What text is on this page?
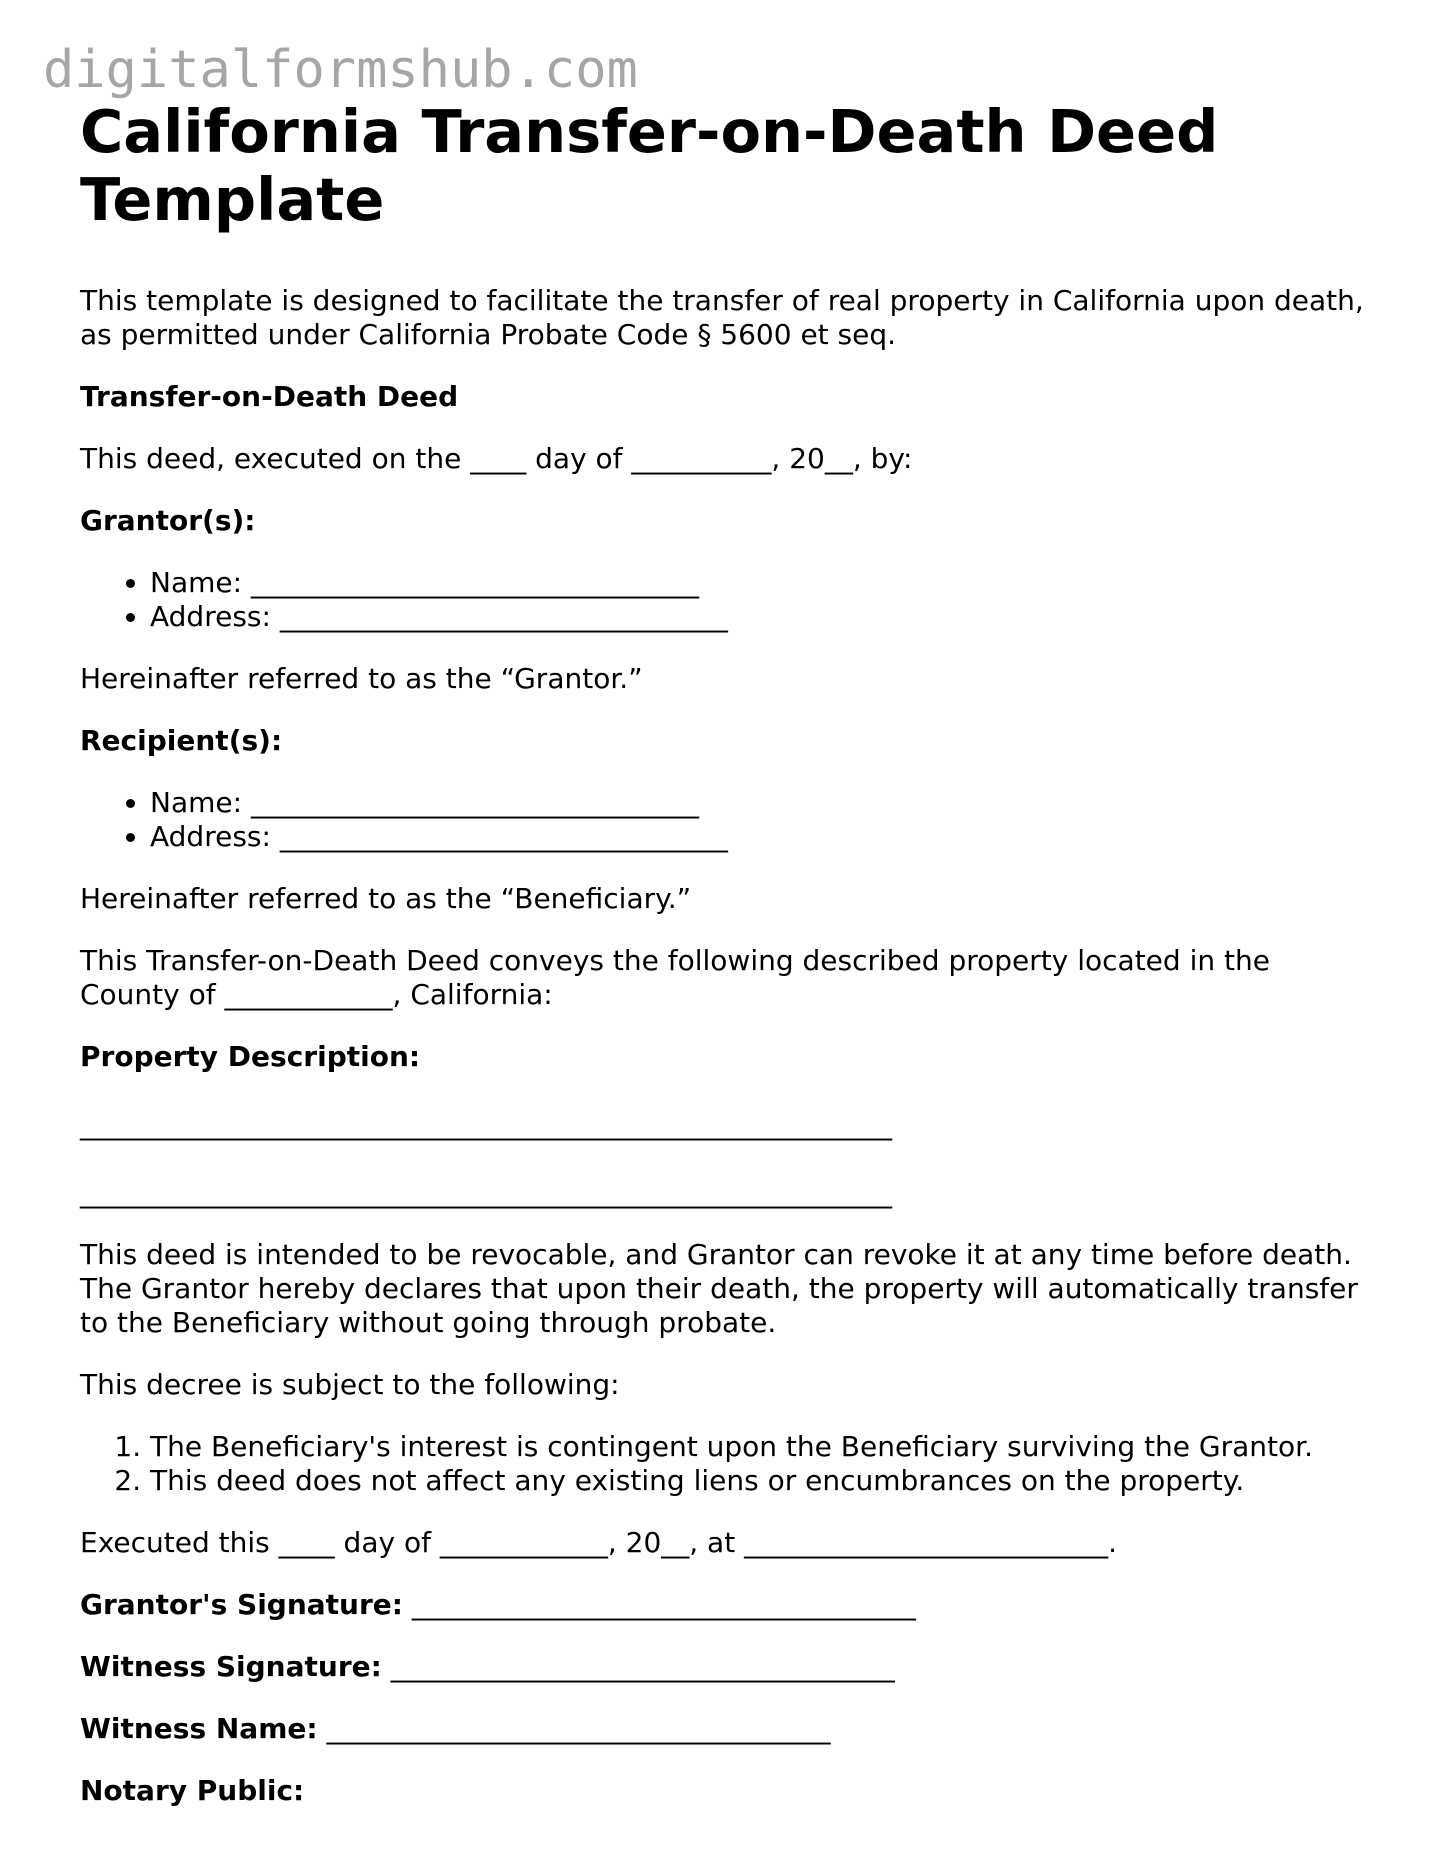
digitalformshub.com
California Transfer-on-Death Deed Template

This template is designed to facilitate the transfer of real property in California upon death, as permitted under California Probate Code § 5600 et seq.

Transfer-on-Death Deed

This deed, executed on the ____ day of __________, 20__, by:

Grantor(s):

• Name: ________________________________
• Address: ________________________________

Hereinafter referred to as the “Grantor.”

Recipient(s):

• Name: ________________________________
• Address: ________________________________

Hereinafter referred to as the “Beneficiary.”

This Transfer-on-Death Deed conveys the following described property located in the County of ____________, California:

Property Description:

__________________________________________________________
__________________________________________________________

This deed is intended to be revocable, and Grantor can revoke it at any time before death. The Grantor hereby declares that upon their death, the property will automatically transfer to the Beneficiary without going through probate.

This decree is subject to the following:

1. The Beneficiary's interest is contingent upon the Beneficiary surviving the Grantor.
2. This deed does not affect any existing liens or encumbrances on the property.

Executed this ____ day of ____________, 20__, at __________________________.

Grantor's Signature: ____________________________________

Witness Signature: ____________________________________

Witness Name: ____________________________________

Notary Public:
